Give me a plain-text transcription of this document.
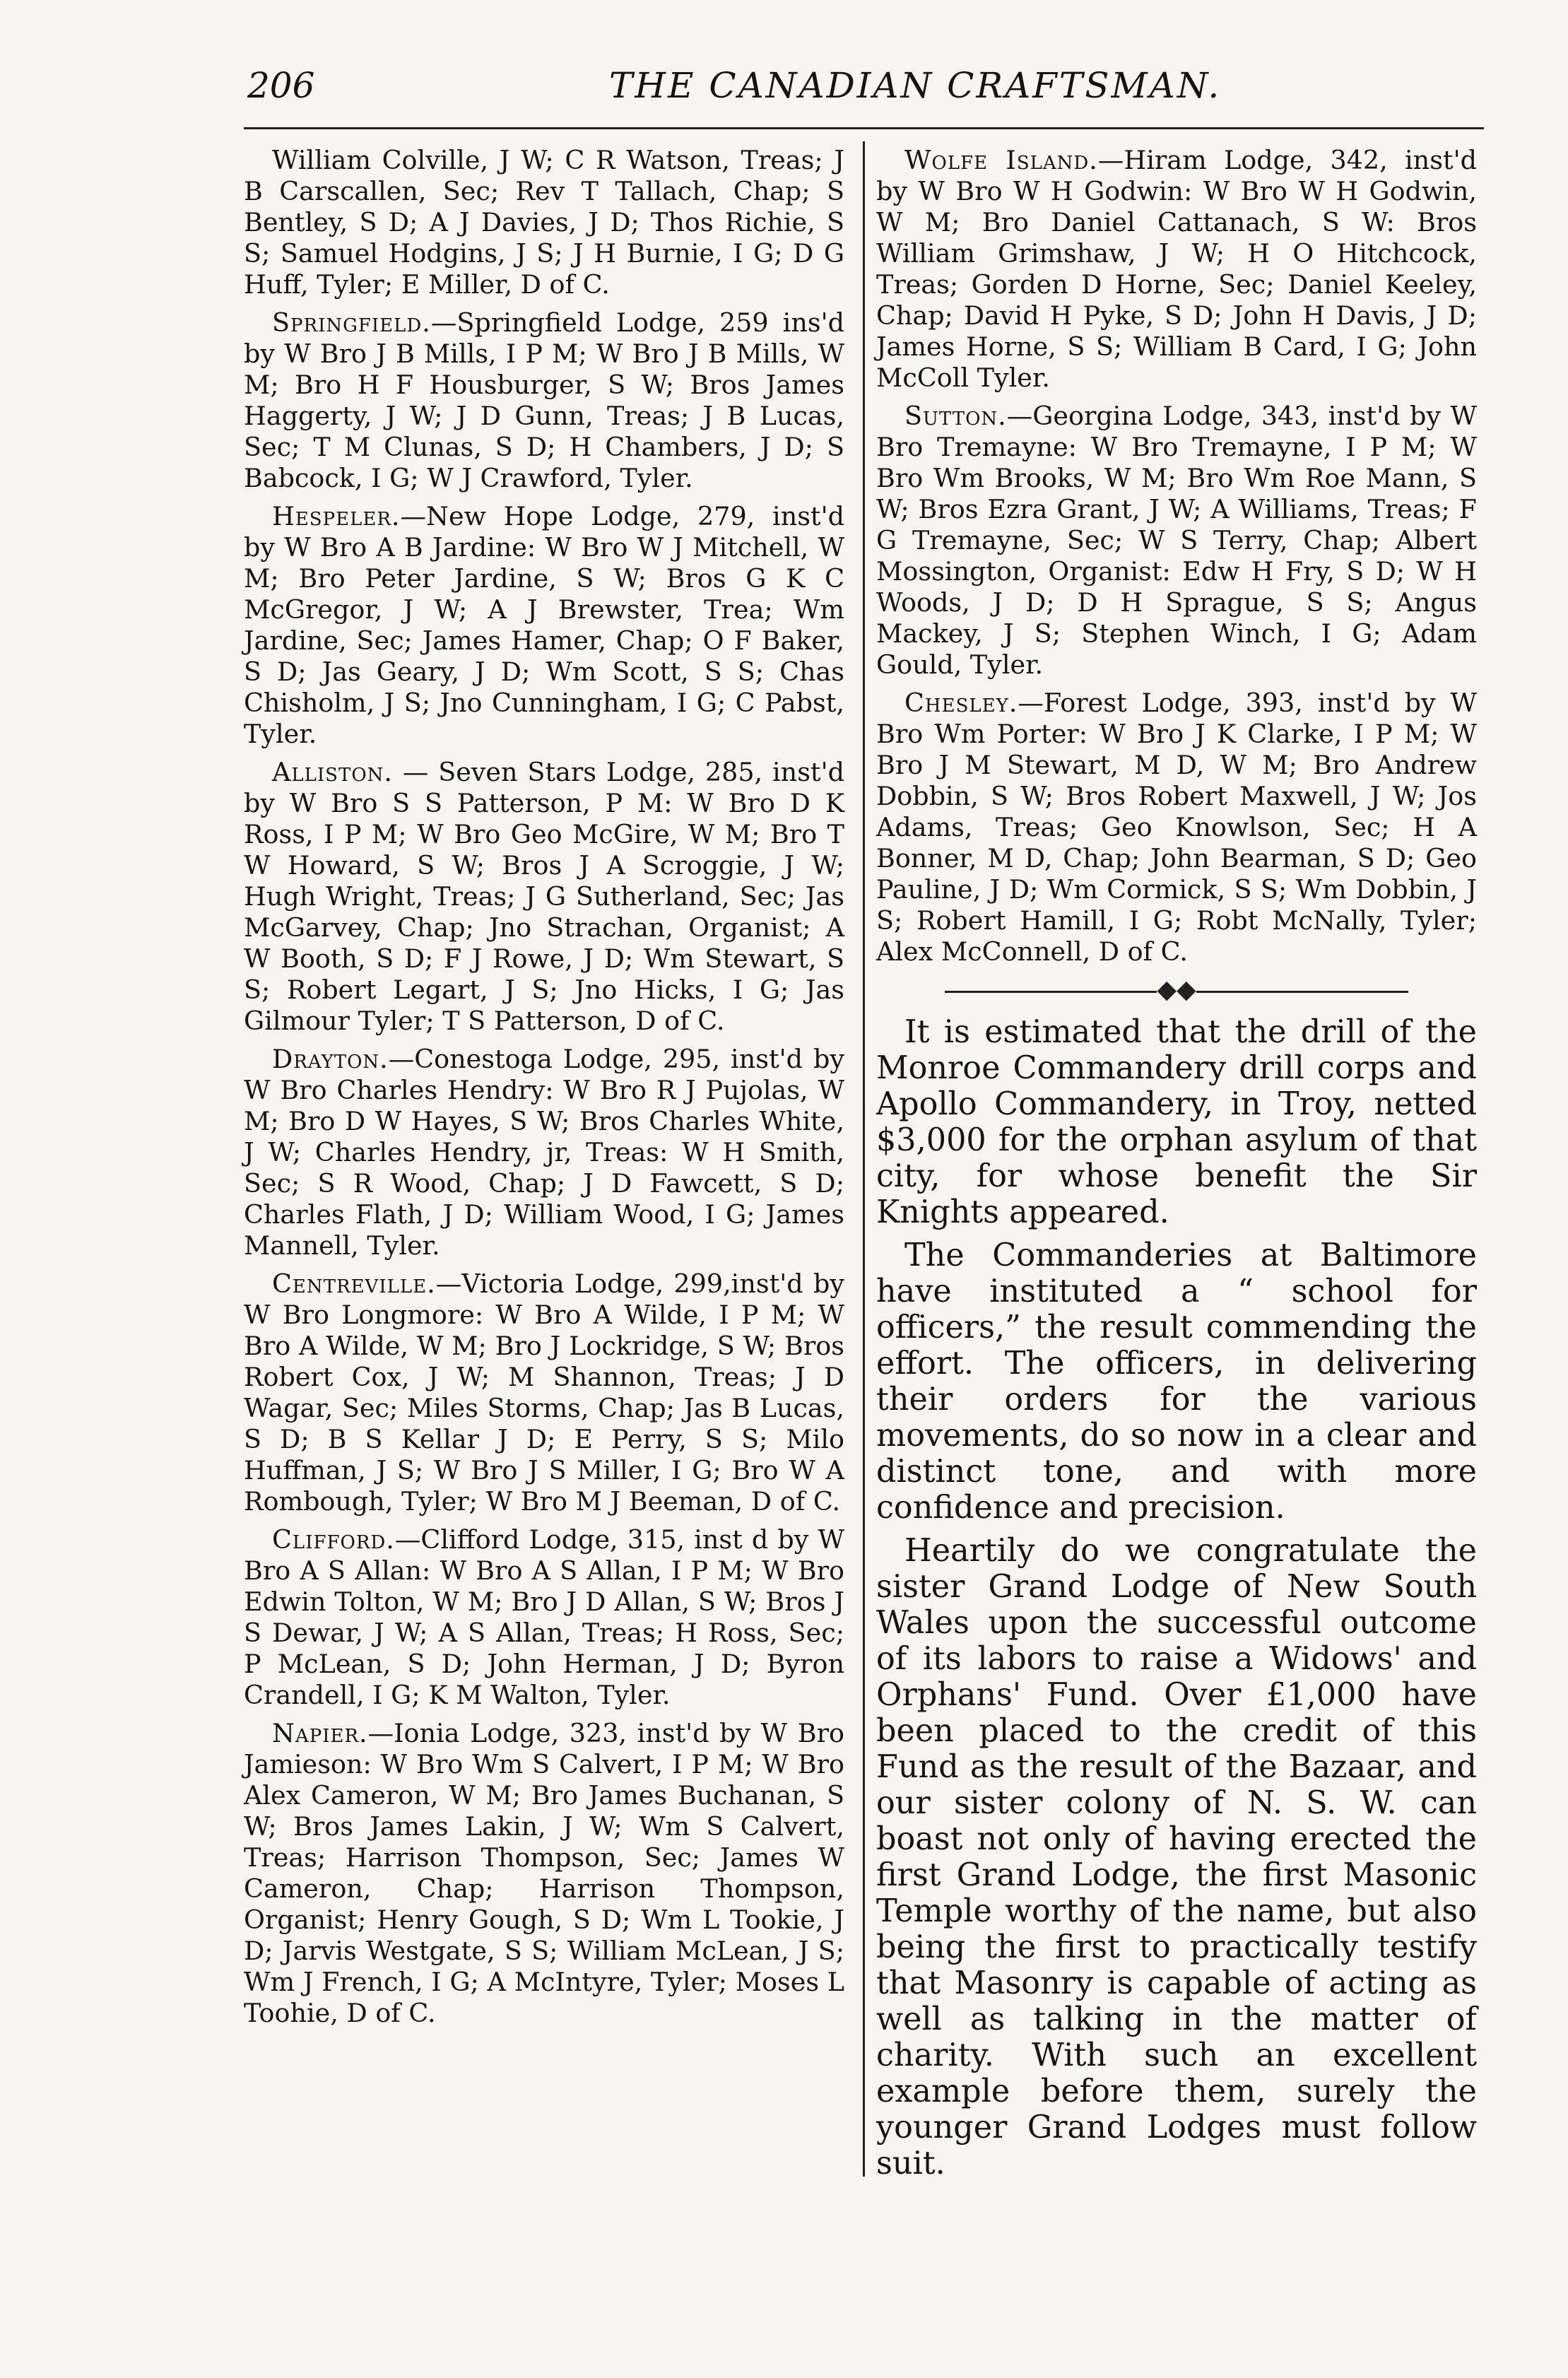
206	THE CANADIAN CRAFTSMAN.

William Colville, J W; C R Watson, Treas; J B Carscallen, Sec; Rev T Tallach, Chap; S Bentley, S D; A J Davies, J D; Thos Richie, S S; Samuel Hodgins, J S; J H Burnie, I G; D G Huff, Tyler; E Miller, D of C.

Springfield.—Springfield Lodge, 259 ins'd by W Bro J B Mills, I P M; W Bro J B Mills, W M; Bro H F Housburger, S W; Bros James Haggerty, J W; J D Gunn, Treas; J B Lucas, Sec; T M Clunas, S D; H Chambers, J D; S Babcock, I G; W J Crawford, Tyler.

Hespeler.—New Hope Lodge, 279, inst'd by W Bro A B Jardine: W Bro W J Mitchell, W M; Bro Peter Jardine, S W; Bros G K C McGregor, J W; A J Brewster, Trea; Wm Jardine, Sec; James Hamer, Chap; O F Baker, S D; Jas Geary, J D; Wm Scott, S S; Chas Chisholm, J S; Jno Cunningham, I G; C Pabst, Tyler.

Alliston. — Seven Stars Lodge, 285, inst'd by W Bro S S Patterson, P M: W Bro D K Ross, I P M; W Bro Geo McGire, W M; Bro T W Howard, S W; Bros J A Scroggie, J W; Hugh Wright, Treas; J G Sutherland, Sec; Jas McGarvey, Chap; Jno Strachan, Organist; A W Booth, S D; F J Rowe, J D; Wm Stewart, S S; Robert Legart, J S; Jno Hicks, I G; Jas Gilmour Tyler; T S Patterson, D of C.

Drayton.—Conestoga Lodge, 295, inst'd by W Bro Charles Hendry: W Bro R J Pujolas, W M; Bro D W Hayes, S W; Bros Charles White, J W; Charles Hendry, jr, Treas: W H Smith, Sec; S R Wood, Chap; J D Fawcett, S D; Charles Flath, J D; William Wood, I G; James Mannell, Tyler.

Centreville.—Victoria Lodge, 299,inst'd by W Bro Longmore: W Bro A Wilde, I P M; W Bro A Wilde, W M; Bro J Lockridge, S W; Bros Robert Cox, J W; M Shannon, Treas; J D Wagar, Sec; Miles Storms, Chap; Jas B Lucas, S D; B S Kellar J D; E Perry, S S; Milo Huffman, J S; W Bro J S Miller, I G; Bro W A Rombough, Tyler; W Bro M J Beeman, D of C.

Clifford.—Clifford Lodge, 315, inst d by W Bro A S Allan: W Bro A S Allan, I P M; W Bro Edwin Tolton, W M; Bro J D Allan, S W; Bros J S Dewar, J W; A S Allan, Treas; H Ross, Sec; P McLean, S D; John Herman, J D; Byron Crandell, I G; K M Walton, Tyler.

Napier.—Ionia Lodge, 323, inst'd by W Bro Jamieson: W Bro Wm S Calvert, I P M; W Bro Alex Cameron, W M; Bro James Buchanan, S W; Bros James Lakin, J W; Wm S Calvert, Treas; Harrison Thompson, Sec; James W Cameron, Chap; Harrison Thompson, Organist; Henry Gough, S D; Wm L Tookie, J D; Jarvis Westgate, S S; William McLean, J S; Wm J French, I G; A McIntyre, Tyler; Moses L Toohie, D of C.

Wolfe Island.—Hiram Lodge, 342, inst'd by W Bro W H Godwin: W Bro W H Godwin, W M; Bro Daniel Cattanach, S W: Bros William Grimshaw, J W; H O Hitchcock, Treas; Gorden D Horne, Sec; Daniel Keeley, Chap; David H Pyke, S D; John H Davis, J D; James Horne, S S; William B Card, I G; John McColl Tyler.

Sutton.—Georgina Lodge, 343, inst'd by W Bro Tremayne: W Bro Tremayne, I P M; W Bro Wm Brooks, W M; Bro Wm Roe Mann, S W; Bros Ezra Grant, J W; A Williams, Treas; F G Tremayne, Sec; W S Terry, Chap; Albert Mossington, Organist: Edw H Fry, S D; W H Woods, J D; D H Sprague, S S; Angus Mackey, J S; Stephen Winch, I G; Adam Gould, Tyler.

Chesley.—Forest Lodge, 393, inst'd by W Bro Wm Porter: W Bro J K Clarke, I P M; W Bro J M Stewart, M D, W M; Bro Andrew Dobbin, S W; Bros Robert Maxwell, J W; Jos Adams, Treas; Geo Knowlson, Sec; H A Bonner, M D, Chap; John Bearman, S D; Geo Pauline, J D; Wm Cormick, S S; Wm Dobbin, J S; Robert Hamill, I G; Robt McNally, Tyler; Alex McConnell, D of C.

◆◆

It is estimated that the drill of the Monroe Commandery drill corps and Apollo Commandery, in Troy, netted $3,000 for the orphan asylum of that city, for whose benefit the Sir Knights appeared.

The Commanderies at Baltimore have instituted a “ school for officers,” the result commending the effort. The officers, in delivering their orders for the various movements, do so now in a clear and distinct tone, and with more confidence and precision.

Heartily do we congratulate the sister Grand Lodge of New South Wales upon the successful outcome of its labors to raise a Widows' and Orphans' Fund. Over £1,000 have been placed to the credit of this Fund as the result of the Bazaar, and our sister colony of N. S. W. can boast not only of having erected the first Grand Lodge, the first Masonic Temple worthy of the name, but also being the first to practically testify that Masonry is capable of acting as well as talking in the matter of charity. With such an excellent example before them, surely the younger Grand Lodges must follow suit.
